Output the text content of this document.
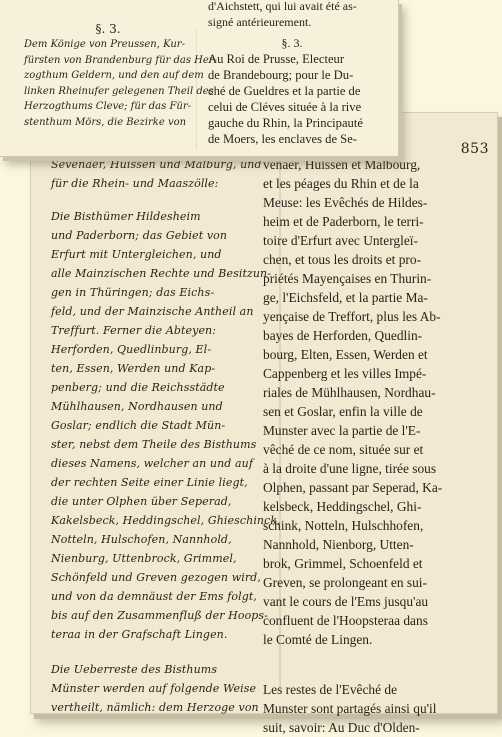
853
Sevenaer, Huissen und Malburg, und
für die Rhein- und Maaszölle:
Die Bisthümer Hildesheim
und Paderborn; das Gebiet von
Erfurt mit Untergleichen, und
alle Mainzischen Rechte und Besitzun-
gen in Thüringen; das Eichs-
feld, und der Mainzische Antheil an
Treffurt. Ferner die Abteyen:
Herforden, Quedlinburg, El-
ten, Essen, Werden und Kap-
penberg; und die Reichsstädte
Mühlhausen, Nordhausen und
Goslar; endlich die Stadt Mün-
ster, nebst dem Theile des Bisthums
dieses Namens, welcher an und auf
der rechten Seite einer Linie liegt,
die unter Olphen über Seperad,
Kakelsbeck, Heddingschel, Ghieschinck,
Notteln, Hulschofen, Nannhold,
Nienburg, Uttenbrock, Grimmel,
Schönfeld und Greven gezogen wird,
und von da demnäust der Ems folgt,
bis auf den Zusammenfluß der Hoops-
teraa in der Grafschaft Lingen.
Die Ueberreste des Bisthums
Münster werden auf folgende Weise
vertheilt, nämlich: dem Herzoge von
venaer, Huissen et Malbourg,
et les péages du Rhin et de la
Meuse: les Evêchés de Hildes-
heim et de Paderborn, le terri-
toire d'Erfurt avec Untergleï-
chen, et tous les droits et pro-
priétés Mayençaises en Thurin-
ge, l'Eichsfeld, et la partie Ma-
yençaise de Treffort, plus les Ab-
bayes de Herforden, Quedlin-
bourg, Elten, Essen, Werden et
Cappenberg et les villes Impé-
riales de Mühlhausen, Nordhau-
sen et Goslar, enfin la ville de
Munster avec la partie de l'E-
vêché de ce nom, située sur et
à la droite d'une ligne, tirée sous
Olphen, passant par Seperad, Ka-
kelsbeck, Heddingschel, Ghi-
schink, Notteln, Hulschhofen,
Nannhold, Nienborg, Utten-
brok, Grimmel, Schoenfeld et
Greven, se prolongeant en sui-
vant le cours de l'Ems jusqu'au
confluent de l'Hoopsteraa dans
le Comté de Lingen.
Les restes de l'Evêché de
Munster sont partagés ainsi qu'il
suit, savoir: Au Duc d'Olden-
d'Aichstett, qui lui avait été as-
signé antérieurement.
§. 3.
Dem Könige von Preussen, Kur-
fürsten von Brandenburg für das Her-
zogthum Geldern, und den auf dem
linken Rheinufer gelegenen Theil des
Herzogthums Cleve; für das Für-
stenthum Mörs, die Bezirke von
§. 3.
Au Roi de Prusse, Electeur
de Brandebourg; pour le Du-
ché de Gueldres et la partie de
celui de Cléves située à la rive
gauche du Rhin, la Principauté
de Moers, les enclaves de Se-
